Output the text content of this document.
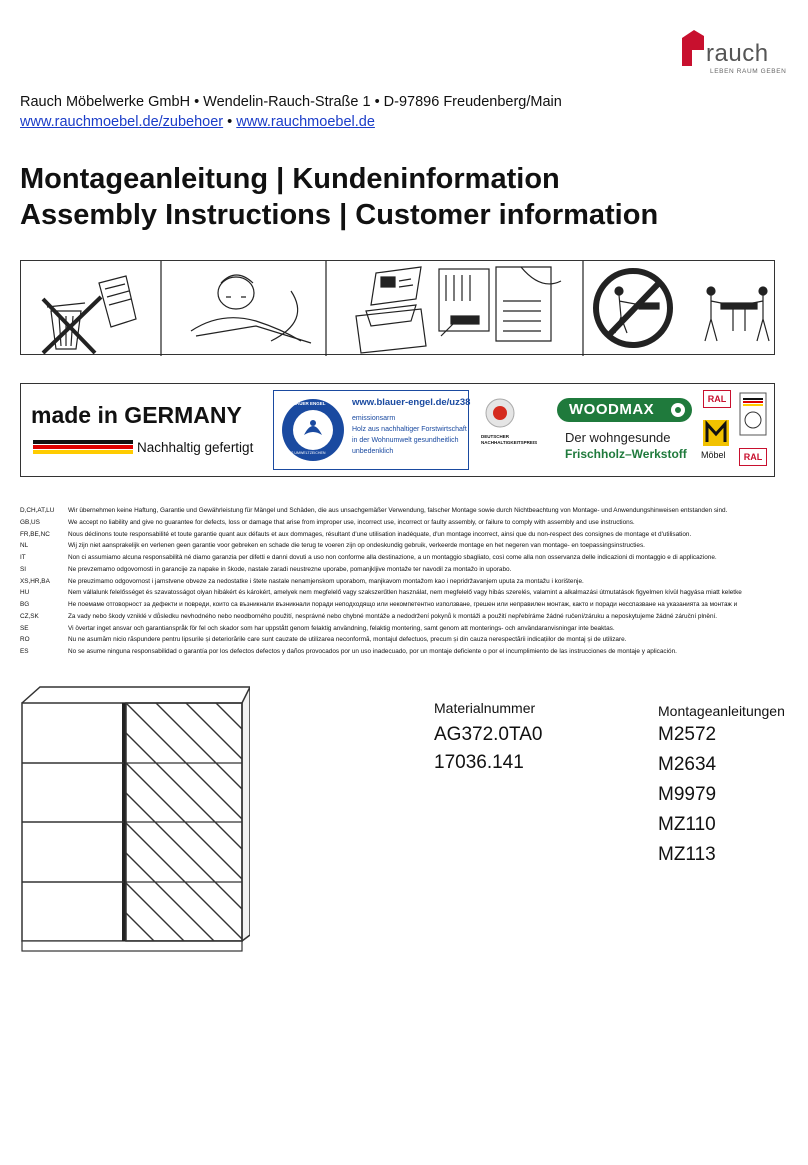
rauch
LEBEN RAUM GEBEN
Rauch Möbelwerke GmbH • Wendelin-Rauch-Straße 1 • D-97896 Freudenberg/Main
www.rauchmoebel.de/zubehoer • www.rauchmoebel.de
Montageanleitung | Kundeninformation
Assembly Instructions | Customer information
made in GERMANY
Nachhaltig gefertigt
BLAUER ENGEL
DAS UMWELTZEICHEN
www.blauer-engel.de/uz38
emissionsarm
Holz aus nachhaltiger Forstwirtschaft
in der Wohnumwelt gesundheitlich unbedenklich
DEUTSCHER
NACHHALTIGKEITSPREIS
WOODMAX
Der wohngesunde
Frischholz–Werkstoff
RAL
Möbel	RAL
D,CH,AT,LU	Wir übernehmen keine Haftung, Garantie und Gewährleistung für Mängel und Schäden, die aus unsachgemäßer Verwendung, falscher Montage sowie durch Nichtbeachtung von Montage- und Anwendungshinweisen entstanden sind.
GB,US	We accept no liability and give no guarantee for defects, loss or damage that arise from improper use, incorrect use, incorrect or faulty assembly, or failure to comply with assembly and use instructions.
FR,BE,NC	Nous déclinons toute responsabilité et toute garantie quant aux défauts et aux dommages, résultant d'une utilisation inadéquate, d'un montage incorrect, ainsi que du non-respect des consignes de montage et d'utilisation.
NL	Wij zijn niet aansprakelijk en verlenen geen garantie voor gebreken en schade die terug te voeren zijn op ondeskundig gebruik, verkeerde montage en het negeren van montage- en toepassingsinstructies.
IT	Non ci assumiamo alcuna responsabilità né diamo garanzia per difetti e danni dovuti a uso non conforme alla destinazione, a un montaggio sbagliato, così come alla non osservanza delle indicazioni di montaggio e di applicazione.
SI	Ne prevzemamo odgovornosti in garancije za napake in škode, nastale zaradi neustrezne uporabe, pomanjkljive montaže ter navodil za montažo in uporabo.
XS,HR,BA	Ne preuzimamo odgovornost i jamstvene obveze za nedostatke i štete nastale nenamjenskom uporabom, manjkavom montažom kao i nepridržavanjem uputa za montažu i korištenje.
HU	Nem vállalunk felelősséget és szavatosságot olyan hibákért és károkért, amelyek nem megfelelő vagy szakszerűtlen használat, nem megfelelő vagy hibás szerelés, valamint a alkalmazási útmutatások figyelmen kívül hagyása miatt keletke
BG	Не поемаме отговорност за дефекти и повреди, които са възникнали възникнали поради неподходящо или некомпетентно използване, грешен или неправилен монтаж, както и поради несспазване на указанията за монтаж и
CZ,SK	Za vady nebo škody vzniklé v důsledku nevhodného nebo neodborného použití, nesprávné nebo chybné montáže a nedodržení pokynů k montáži a použití nepřebíráme žádné ručení/záruku a neposkytujeme žádné záruční plnění.
SE	Vi övertar inget ansvar och garantianspråk för fel och skador som har uppstått genom felaktig användning, felaktig montering, samt genom att monterings- och användaranvisningar inte beaktas.
RO	Nu ne asumăm nicio răspundere pentru lipsurile și deteriorările care sunt cauzate de utilizarea neconformă, montajul defectuos, precum și din cauza nerespectării indicațiilor de montaj și de utilizare.
ES	No se asume ninguna responsabilidad o garantía por los defectos defectos y daños provocados por un uso inadecuado, por un montaje deficiente o por el incumplimiento de las instrucciones de montaje y aplicación.
Materialnummer
AG372.0TA0
17036.141
Montageanleitungen
M2572
M2634
M9979
MZ110
MZ113
